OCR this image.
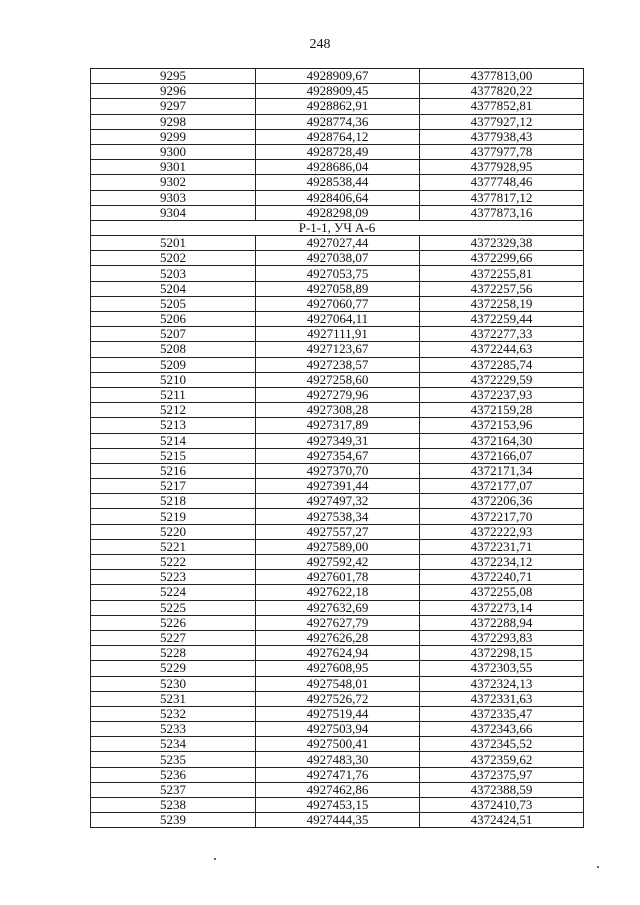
248
9295	4928909,67	4377813,00
9296	4928909,45	4377820,22
9297	4928862,91	4377852,81
9298	4928774,36	4377927,12
9299	4928764,12	4377938,43
9300	4928728,49	4377977,78
9301	4928686,04	4377928,95
9302	4928538,44	4377748,46
9303	4928406,64	4377817,12
9304	4928298,09	4377873,16
Р-1-1, УЧ А-6		
5201	4927027,44	4372329,38
5202	4927038,07	4372299,66
5203	4927053,75	4372255,81
5204	4927058,89	4372257,56
5205	4927060,77	4372258,19
5206	4927064,11	4372259,44
5207	4927111,91	4372277,33
5208	4927123,67	4372244,63
5209	4927238,57	4372285,74
5210	4927258,60	4372229,59
5211	4927279,96	4372237,93
5212	4927308,28	4372159,28
5213	4927317,89	4372153,96
5214	4927349,31	4372164,30
5215	4927354,67	4372166,07
5216	4927370,70	4372171,34
5217	4927391,44	4372177,07
5218	4927497,32	4372206,36
5219	4927538,34	4372217,70
5220	4927557,27	4372222,93
5221	4927589,00	4372231,71
5222	4927592,42	4372234,12
5223	4927601,78	4372240,71
5224	4927622,18	4372255,08
5225	4927632,69	4372273,14
5226	4927627,79	4372288,94
5227	4927626,28	4372293,83
5228	4927624,94	4372298,15
5229	4927608,95	4372303,55
5230	4927548,01	4372324,13
5231	4927526,72	4372331,63
5232	4927519,44	4372335,47
5233	4927503,94	4372343,66
5234	4927500,41	4372345,52
5235	4927483,30	4372359,62
5236	4927471,76	4372375,97
5237	4927462,86	4372388,59
5238	4927453,15	4372410,73
5239	4927444,35	4372424,51
